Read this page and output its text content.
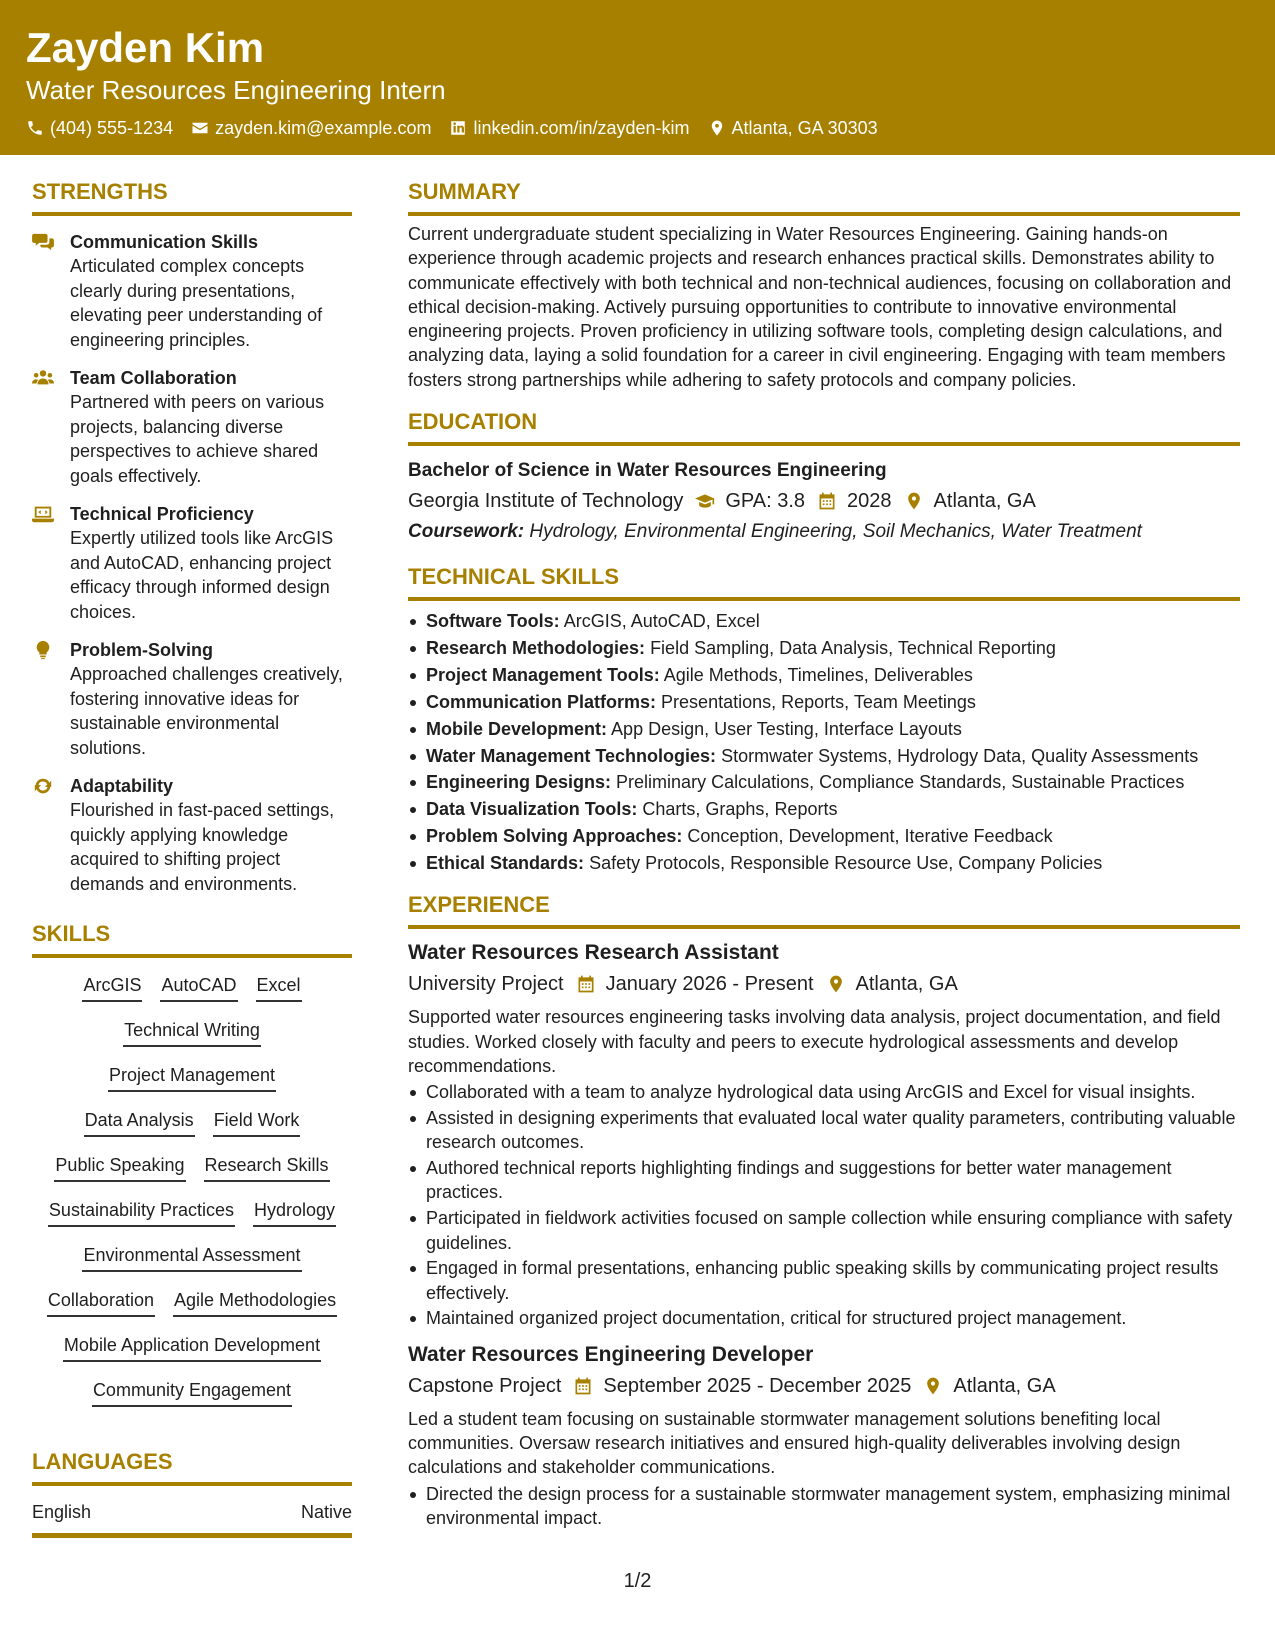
Zayden Kim
Water Resources Engineering Intern
(404) 555-1234 zayden.kim@example.com linkedin.com/in/zayden-kim Atlanta, GA 30303
STRENGTHS
Communication Skills
Articulated complex concepts clearly during presentations, elevating peer understanding of engineering principles.
Team Collaboration
Partnered with peers on various projects, balancing diverse perspectives to achieve shared goals effectively.
Technical Proficiency
Expertly utilized tools like ArcGIS and AutoCAD, enhancing project efficacy through informed design choices.
Problem-Solving
Approached challenges creatively, fostering innovative ideas for sustainable environmental solutions.
Adaptability
Flourished in fast-paced settings, quickly applying knowledge acquired to shifting project demands and environments.
SKILLS
ArcGIS AutoCAD Excel
Technical Writing
Project Management
Data Analysis Field Work
Public Speaking Research Skills
Sustainability Practices Hydrology
Environmental Assessment
Collaboration Agile Methodologies
Mobile Application Development
Community Engagement
LANGUAGES
English	Native
SUMMARY
Current undergraduate student specializing in Water Resources Engineering. Gaining hands-on experience through academic projects and research enhances practical skills. Demonstrates ability to communicate effectively with both technical and non-technical audiences, focusing on collaboration and ethical decision-making. Actively pursuing opportunities to contribute to innovative environmental engineering projects. Proven proficiency in utilizing software tools, completing design calculations, and analyzing data, laying a solid foundation for a career in civil engineering. Engaging with team members fosters strong partnerships while adhering to safety protocols and company policies.
EDUCATION
Bachelor of Science in Water Resources Engineering
Georgia Institute of Technology GPA: 3.8 2028 Atlanta, GA
Coursework: Hydrology, Environmental Engineering, Soil Mechanics, Water Treatment
TECHNICAL SKILLS
Software Tools: ArcGIS, AutoCAD, Excel
Research Methodologies: Field Sampling, Data Analysis, Technical Reporting
Project Management Tools: Agile Methods, Timelines, Deliverables
Communication Platforms: Presentations, Reports, Team Meetings
Mobile Development: App Design, User Testing, Interface Layouts
Water Management Technologies: Stormwater Systems, Hydrology Data, Quality Assessments
Engineering Designs: Preliminary Calculations, Compliance Standards, Sustainable Practices
Data Visualization Tools: Charts, Graphs, Reports
Problem Solving Approaches: Conception, Development, Iterative Feedback
Ethical Standards: Safety Protocols, Responsible Resource Use, Company Policies
EXPERIENCE
Water Resources Research Assistant
University Project January 2026 - Present Atlanta, GA
Supported water resources engineering tasks involving data analysis, project documentation, and field studies. Worked closely with faculty and peers to execute hydrological assessments and develop recommendations.
Collaborated with a team to analyze hydrological data using ArcGIS and Excel for visual insights.
Assisted in designing experiments that evaluated local water quality parameters, contributing valuable research outcomes.
Authored technical reports highlighting findings and suggestions for better water management practices.
Participated in fieldwork activities focused on sample collection while ensuring compliance with safety guidelines.
Engaged in formal presentations, enhancing public speaking skills by communicating project results effectively.
Maintained organized project documentation, critical for structured project management.
Water Resources Engineering Developer
Capstone Project September 2025 - December 2025 Atlanta, GA
Led a student team focusing on sustainable stormwater management solutions benefiting local communities. Oversaw research initiatives and ensured high-quality deliverables involving design calculations and stakeholder communications.
Directed the design process for a sustainable stormwater management system, emphasizing minimal environmental impact.
1/2
